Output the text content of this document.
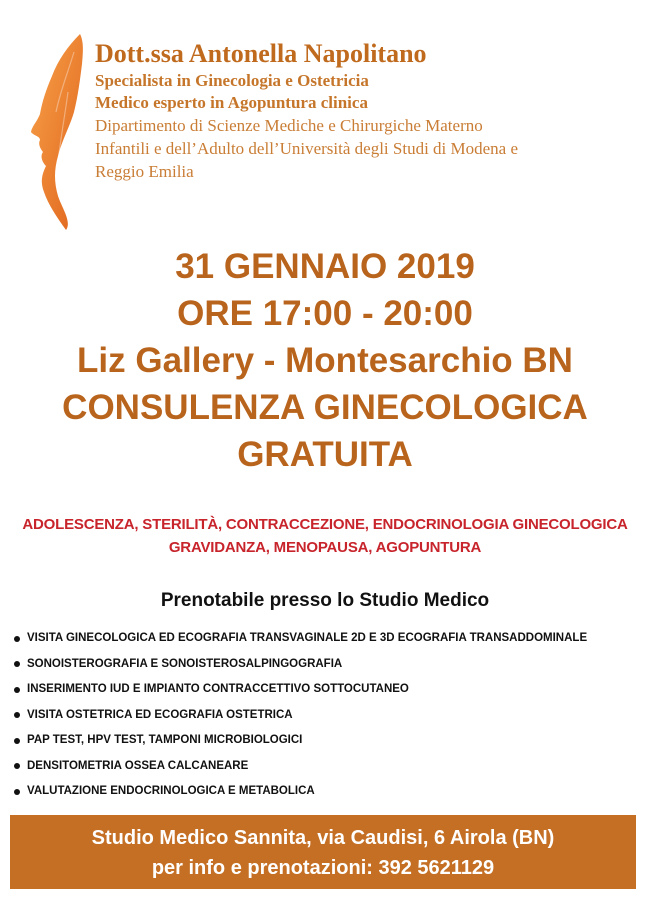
Dott.ssa Antonella Napolitano
Specialista in Ginecologia e Ostetricia
Medico esperto in Agopuntura clinica
Dipartimento di Scienze Mediche e Chirurgiche Materno
Infantili e dell’Adulto dell’Università degli Studi di Modena e
Reggio Emilia
31 GENNAIO 2019
ORE 17:00 - 20:00
Liz Gallery - Montesarchio BN
CONSULENZA GINECOLOGICA
GRATUITA
ADOLESCENZA, STERILITÀ, CONTRACCEZIONE, ENDOCRINOLOGIA GINECOLOGICA
GRAVIDANZA, MENOPAUSA, AGOPUNTURA
Prenotabile presso lo Studio Medico
VISITA GINECOLOGICA ED ECOGRAFIA TRANSVAGINALE 2D E 3D ECOGRAFIA TRANSADDOMINALE
SONOISTEROGRAFIA E SONOISTEROSALPINGOGRAFIA
INSERIMENTO IUD E IMPIANTO CONTRACCETTIVO SOTTOCUTANEO
VISITA OSTETRICA ED ECOGRAFIA OSTETRICA
PAP TEST, HPV TEST, TAMPONI MICROBIOLOGICI
DENSITOMETRIA OSSEA CALCANEARE
VALUTAZIONE ENDOCRINOLOGICA E METABOLICA
Studio Medico Sannita, via Caudisi, 6 Airola (BN)
per info e prenotazioni: 392 5621129
